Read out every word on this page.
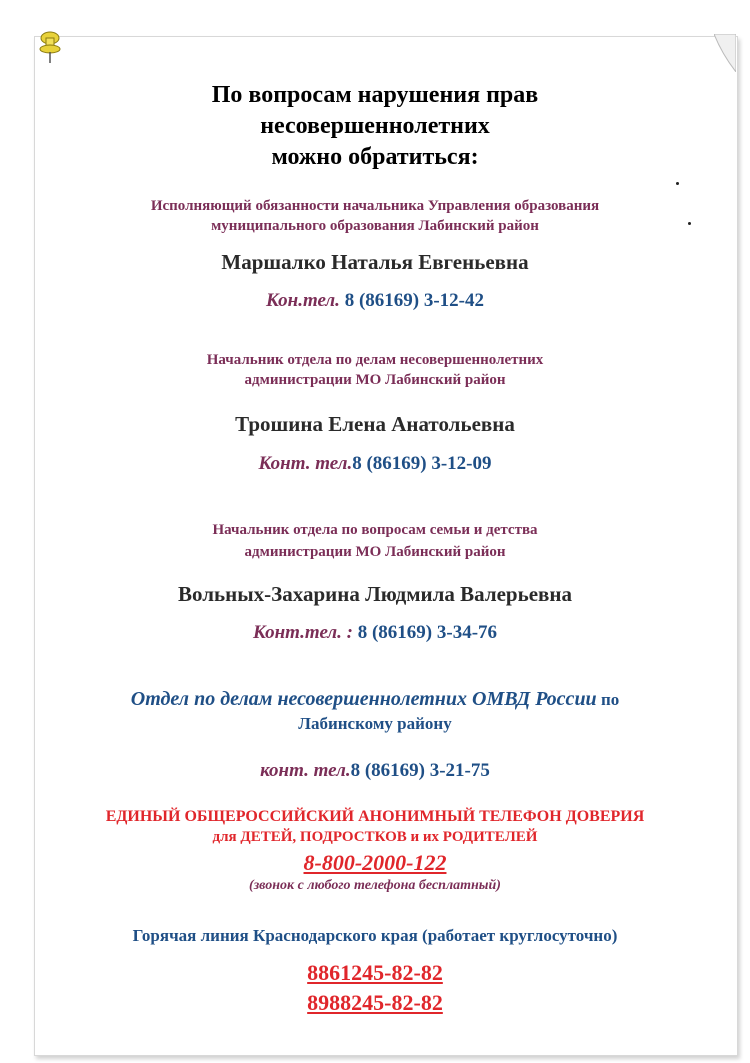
По вопросам нарушения прав
несовершеннолетних
можно обратиться:
Исполняющий обязанности начальника Управления образования
муниципального образования Лабинский район
Маршалко Наталья Евгеньевна
Кон.тел. 8 (86169) 3-12-42
Начальник отдела по делам несовершеннолетних
администрации МО Лабинский район
Трошина Елена Анатольевна
Конт. тел.8 (86169) 3-12-09
Начальник отдела по вопросам семьи и детства
администрации МО Лабинский район
Вольных-Захарина Людмила Валерьевна
Конт.тел. : 8 (86169) 3-34-76
Отдел по делам несовершеннолетних ОМВД России по
Лабинскому району
конт. тел.8 (86169) 3-21-75
ЕДИНЫЙ ОБЩЕРОССИЙСКИЙ АНОНИМНЫЙ ТЕЛЕФОН ДОВЕРИЯ
для ДЕТЕЙ, ПОДРОСТКОВ и их РОДИТЕЛЕЙ
8-800-2000-122
(звонок с любого телефона бесплатный)
Горячая линия Краснодарского края (работает круглосуточно)
8861245-82-82
8988245-82-82
